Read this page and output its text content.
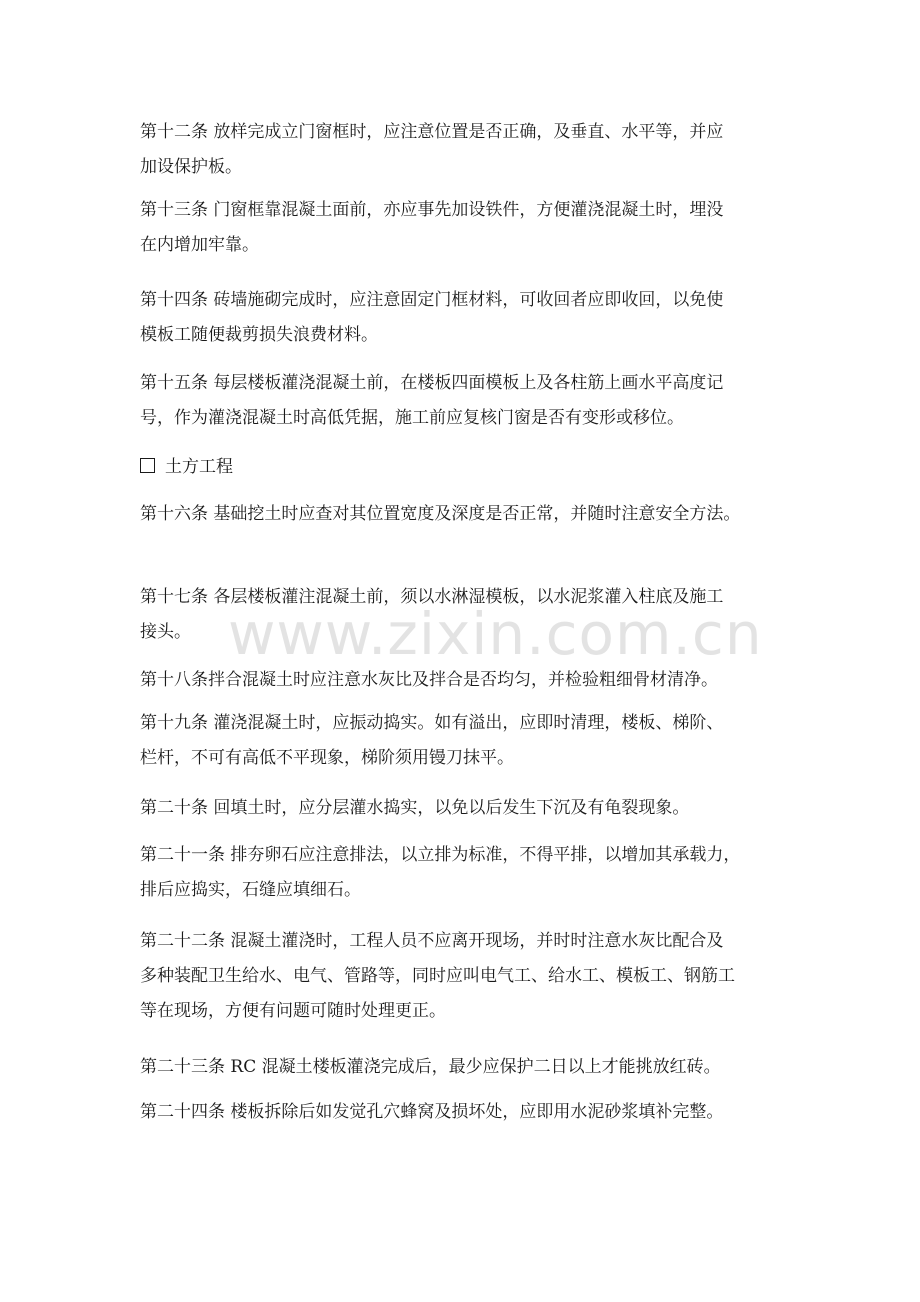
www.zixin.com.cn

第十二条 放样完成立门窗框时，应注意位置是否正确，及垂直、水平等，并应
加设保护板。

第十三条 门窗框靠混凝土面前，亦应事先加设铁件，方便灌浇混凝土时，埋没
在内增加牢靠。

第十四条 砖墙施砌完成时，应注意固定门框材料，可收回者应即收回，以免使
模板工随便裁剪损失浪费材料。

第十五条 每层楼板灌浇混凝土前，在楼板四面模板上及各柱筋上画水平高度记
号，作为灌浇混凝土时高低凭据，施工前应复核门窗是否有变形或移位。

土方工程

第十六条 基础挖土时应查对其位置宽度及深度是否正常，并随时注意安全方法。

第十七条 各层楼板灌注混凝土前，须以水淋湿模板，以水泥浆灌入柱底及施工
接头。

第十八条拌合混凝土时应注意水灰比及拌合是否均匀，并检验粗细骨材清净。

第十九条 灌浇混凝土时，应振动捣实。如有溢出，应即时清理，楼板、梯阶、
栏杆，不可有高低不平现象，梯阶须用镘刀抹平。

第二十条 回填土时，应分层灌水捣实，以免以后发生下沉及有龟裂现象。

第二十一条 排夯卵石应注意排法，以立排为标准，不得平排，以增加其承载力，
排后应捣实，石缝应填细石。

第二十二条 混凝土灌浇时，工程人员不应离开现场，并时时注意水灰比配合及
多种装配卫生给水、电气、管路等，同时应叫电气工、给水工、模板工、钢筋工
等在现场，方便有问题可随时处理更正。

第二十三条 RC 混凝土楼板灌浇完成后，最少应保护二日以上才能挑放红砖。

第二十四条 楼板拆除后如发觉孔穴蜂窝及损坏处，应即用水泥砂浆填补完整。
